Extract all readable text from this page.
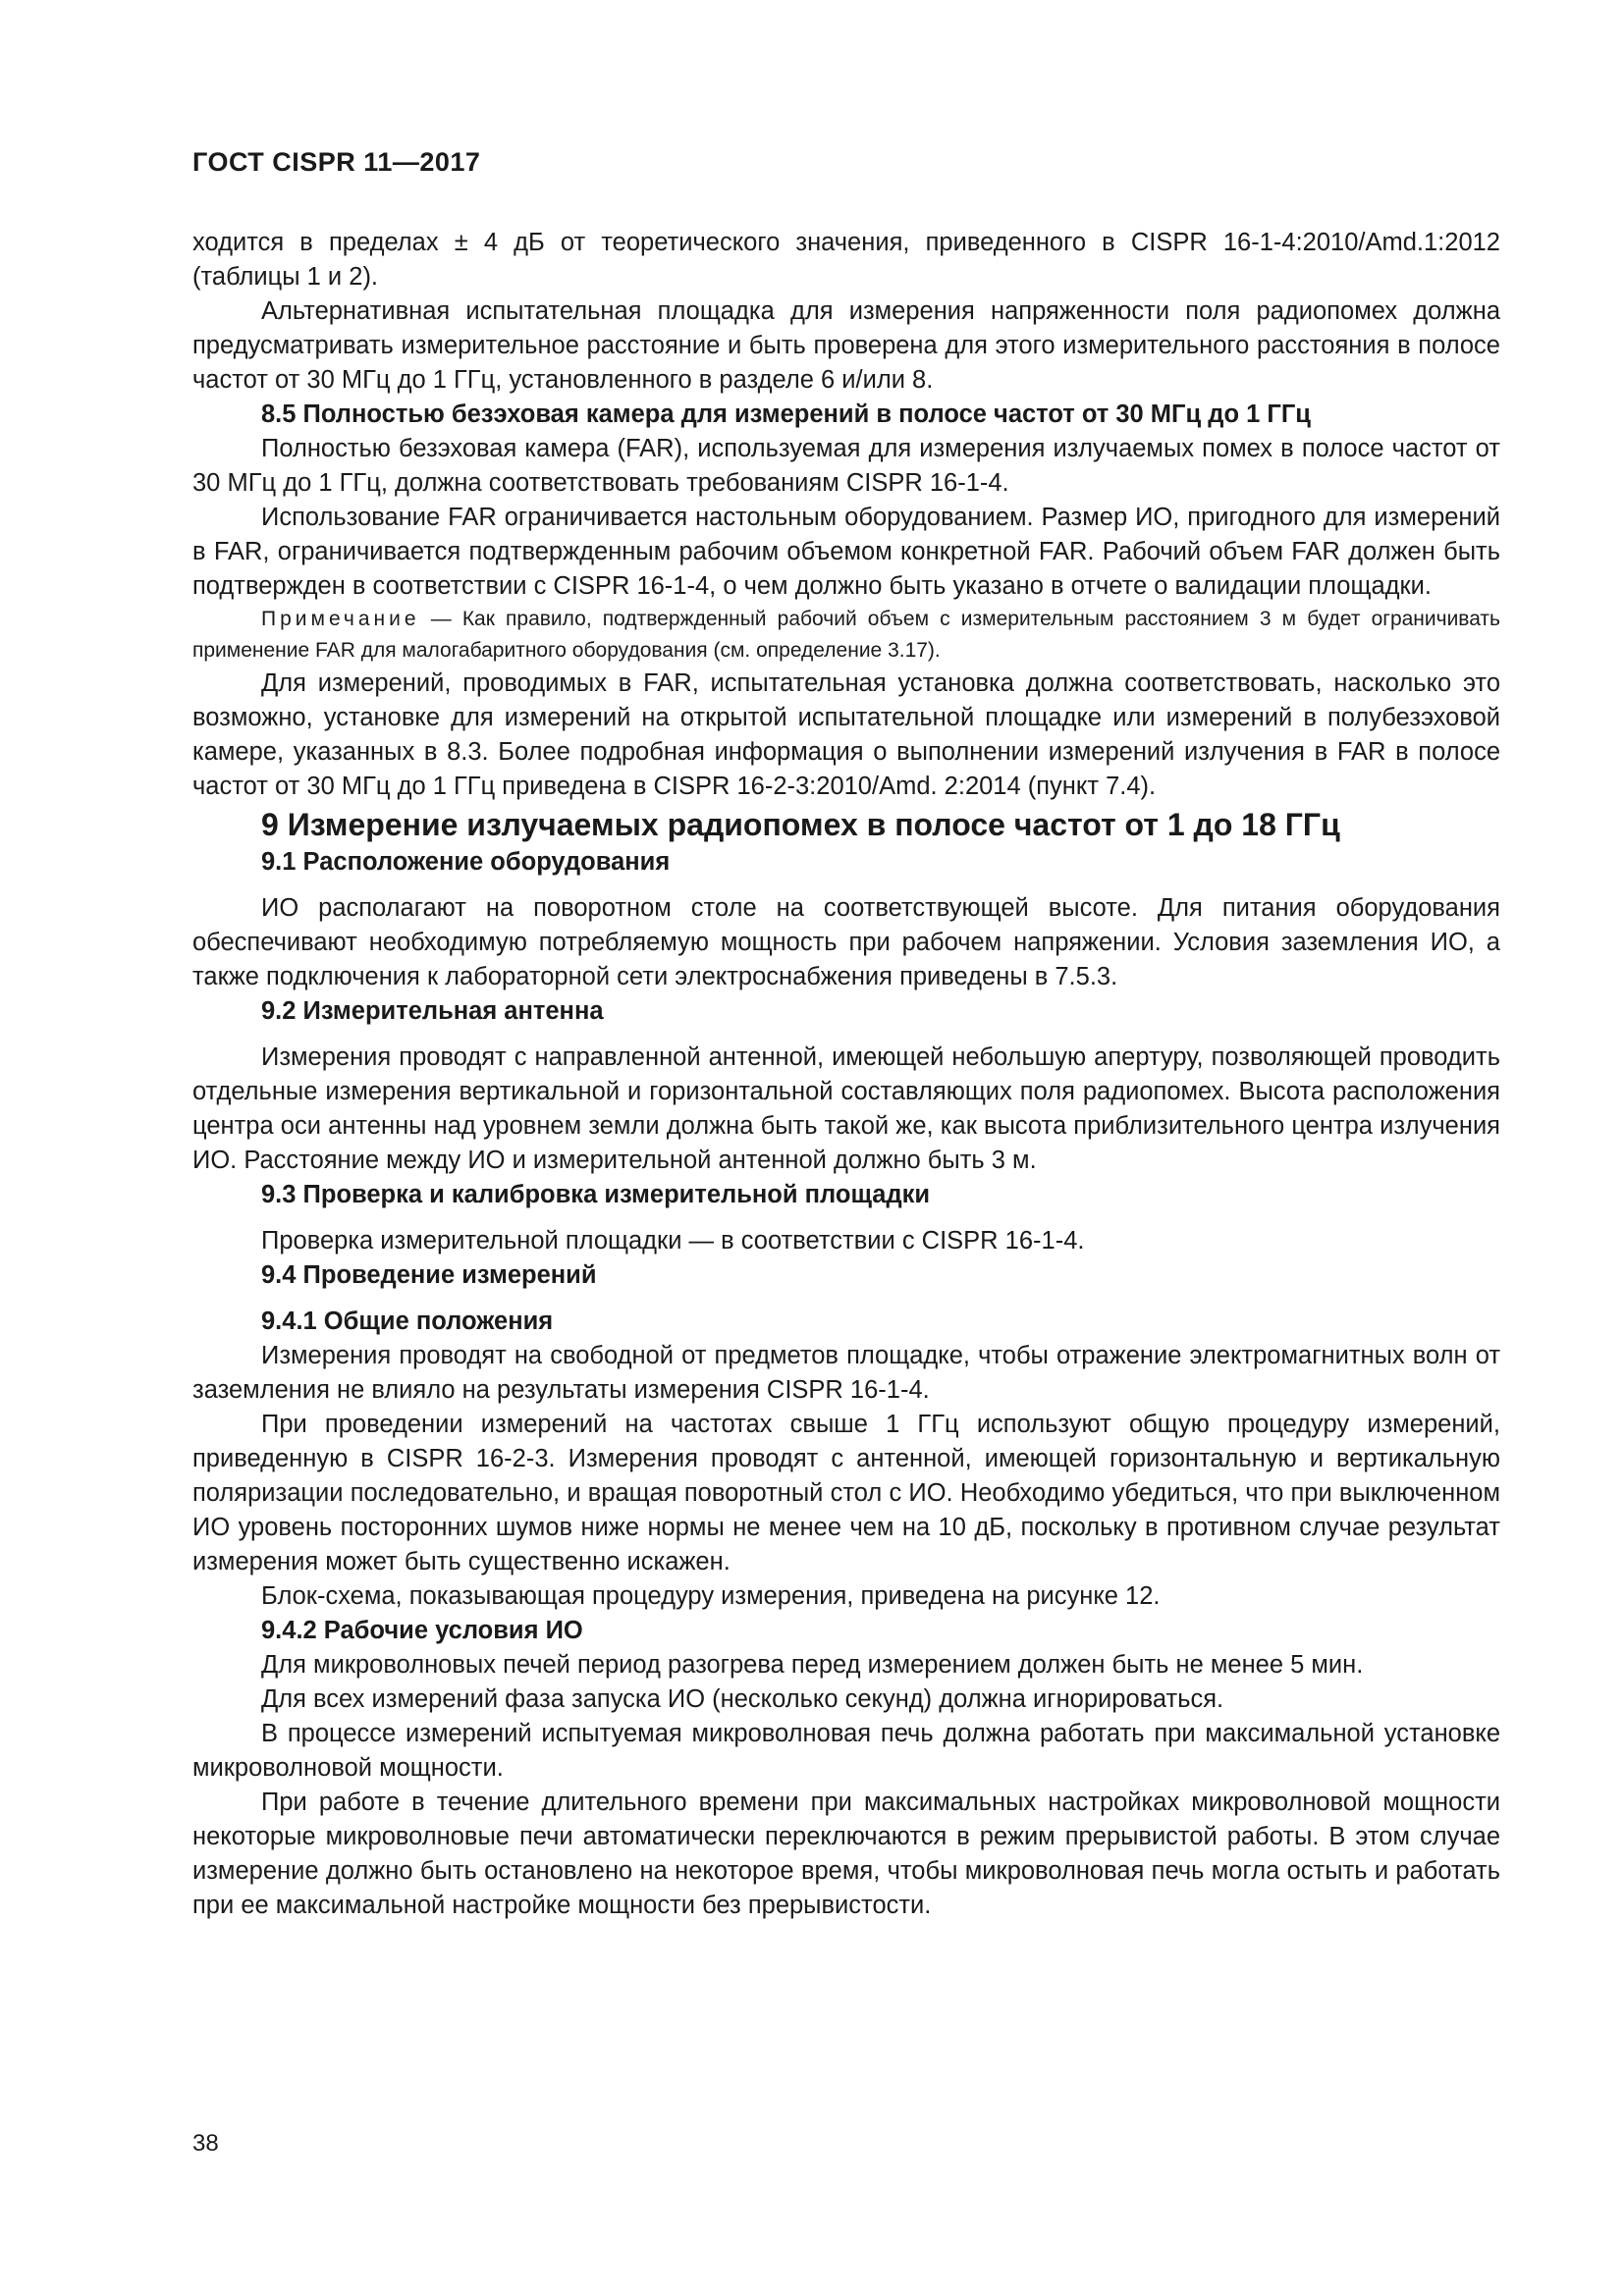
ГОСТ CISPR 11—2017

ходится в пределах ± 4 дБ от теоретического значения, приведенного в CISPR 16-1-4:2010/Amd.1:2012 (таблицы 1 и 2).

Альтернативная испытательная площадка для измерения напряженности поля радиопомех должна предусматривать измерительное расстояние и быть проверена для этого измерительного расстояния в полосе частот от 30 МГц до 1 ГГц, установленного в разделе 6 и/или 8.

8.5 Полностью безэховая камера для измерений в полосе частот от 30 МГц до 1 ГГц

Полностью безэховая камера (FAR), используемая для измерения излучаемых помех в полосе частот от 30 МГц до 1 ГГц, должна соответствовать требованиям CISPR 16-1-4.

Использование FAR ограничивается настольным оборудованием. Размер ИО, пригодного для измерений в FAR, ограничивается подтвержденным рабочим объемом конкретной FAR. Рабочий объем FAR должен быть подтвержден в соответствии с CISPR 16-1-4, о чем должно быть указано в отчете о валидации площадки.

Примечание — Как правило, подтвержденный рабочий объем с измерительным расстоянием 3 м будет ограничивать применение FAR для малогабаритного оборудования (см. определение 3.17).

Для измерений, проводимых в FAR, испытательная установка должна соответствовать, насколько это возможно, установке для измерений на открытой испытательной площадке или измерений в полубезэховой камере, указанных в 8.3. Более подробная информация о выполнении измерений излучения в FAR в полосе частот от 30 МГц до 1 ГГц приведена в CISPR 16-2-3:2010/Amd. 2:2014 (пункт 7.4).

9 Измерение излучаемых радиопомех в полосе частот от 1 до 18 ГГц

9.1 Расположение оборудования

ИО располагают на поворотном столе на соответствующей высоте. Для питания оборудования обеспечивают необходимую потребляемую мощность при рабочем напряжении. Условия заземления ИО, а также подключения к лабораторной сети электроснабжения приведены в 7.5.3.

9.2 Измерительная антенна

Измерения проводят с направленной антенной, имеющей небольшую апертуру, позволяющей проводить отдельные измерения вертикальной и горизонтальной составляющих поля радиопомех. Высота расположения центра оси антенны над уровнем земли должна быть такой же, как высота приблизительного центра излучения ИО. Расстояние между ИО и измерительной антенной должно быть 3 м.

9.3 Проверка и калибровка измерительной площадки

Проверка измерительной площадки — в соответствии с CISPR 16-1-4.

9.4 Проведение измерений

9.4.1 Общие положения

Измерения проводят на свободной от предметов площадке, чтобы отражение электромагнитных волн от заземления не влияло на результаты измерения CISPR 16-1-4.

При проведении измерений на частотах свыше 1 ГГц используют общую процедуру измерений, приведенную в CISPR 16-2-3. Измерения проводят с антенной, имеющей горизонтальную и вертикальную поляризации последовательно, и вращая поворотный стол с ИО. Необходимо убедиться, что при выключенном ИО уровень посторонних шумов ниже нормы не менее чем на 10 дБ, поскольку в противном случае результат измерения может быть существенно искажен.

Блок-схема, показывающая процедуру измерения, приведена на рисунке 12.

9.4.2 Рабочие условия ИО

Для микроволновых печей период разогрева перед измерением должен быть не менее 5 мин.

Для всех измерений фаза запуска ИО (несколько секунд) должна игнорироваться.

В процессе измерений испытуемая микроволновая печь должна работать при максимальной установке микроволновой мощности.

При работе в течение длительного времени при максимальных настройках микроволновой мощности некоторые микроволновые печи автоматически переключаются в режим прерывистой работы. В этом случае измерение должно быть остановлено на некоторое время, чтобы микроволновая печь могла остыть и работать при ее максимальной настройке мощности без прерывистости.

38
